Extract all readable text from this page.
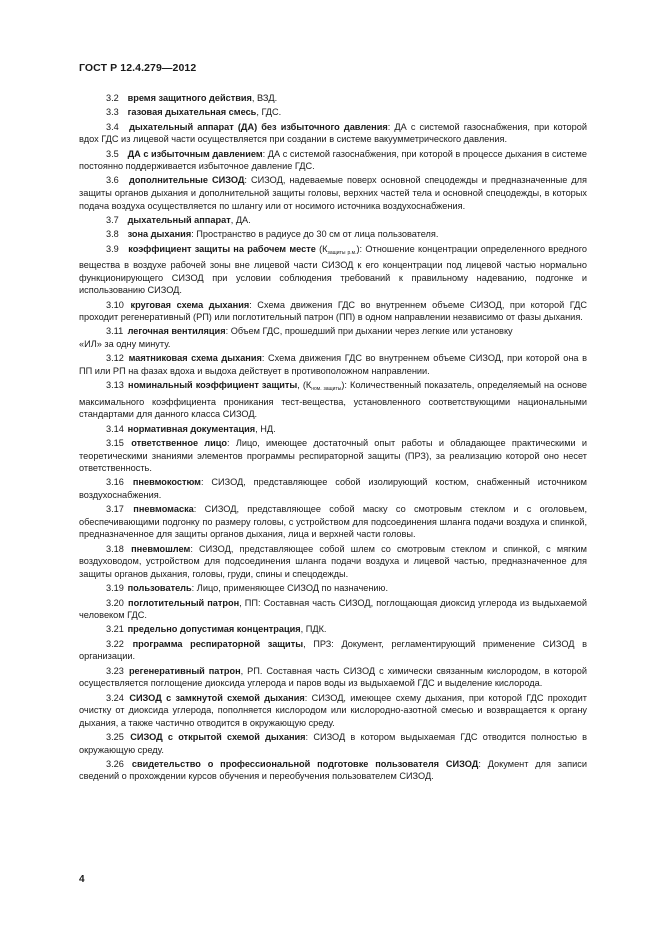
ГОСТ Р 12.4.279—2012

3.2 время защитного действия, ВЗД.

3.3 газовая дыхательная смесь, ГДС.

3.4 дыхательный аппарат (ДА) без избыточного давления: ДА с системой газоснабжения, при которой вдох ГДС из лицевой части осуществляется при создании в системе вакуумметрического давления.

3.5 ДА с избыточным давлением: ДА с системой газоснабжения, при которой в процессе дыхания в системе постоянно поддерживается избыточное давление ГДС.

3.6 дополнительные СИЗОД: СИЗОД, надеваемые поверх основной спецодежды и предназначенные для защиты органов дыхания и дополнительной защиты головы, верхних частей тела и основной спецодежды, в которых подача воздуха осуществляется по шлангу или от носимого источника воздухоснабжения.

3.7 дыхательный аппарат, ДА.

3.8 зона дыхания: Пространство в радиусе до 30 см от лица пользователя.

3.9 коэффициент защиты на рабочем месте $(К_{защиты р.м.})$: Отношение концентрации определенного вредного вещества в воздухе рабочей зоны вне лицевой части СИЗОД к его концентрации под лицевой частью нормально функционирующего СИЗОД при условии соблюдения требований к правильному надеванию, подгонке и использованию СИЗОД.

3.10 круговая схема дыхания: Схема движения ГДС во внутреннем объеме СИЗОД, при которой ГДС проходит регенеративный (РП) или поглотительный патрон (ПП) в одном направлении независимо от фазы дыхания.

3.11 легочная вентиляция: Объем ГДС, прошедший при дыхании через легкие или установку

«ИЛ» за одну минуту.

3.12 маятниковая схема дыхания: Схема движения ГДС во внутреннем объеме СИЗОД, при которой она в ПП или РП на фазах вдоха и выдоха действует в противоположном направлении.

3.13 номинальный коэффициент защиты, $(К_{ном. защиты})$: Количественный показатель, определяемый на основе максимального коэффициента проникания тест-вещества, установленного соответствующими национальными стандартами для данного класса СИЗОД.

3.14 нормативная документация, НД.

3.15 ответственное лицо: Лицо, имеющее достаточный опыт работы и обладающее практическими и теоретическими знаниями элементов программы респираторной защиты (ПРЗ), за реализацию которой оно несет ответственность.

3.16 пневмокостюм: СИЗОД, представляющее собой изолирующий костюм, снабженный источником воздухоснабжения.

3.17 пневмомаска: СИЗОД, представляющее собой маску со смотровым стеклом и с оголовьем, обеспечивающими подгонку по размеру головы, с устройством для подсоединения шланга подачи воздуха и спинкой, предназначенное для защиты органов дыхания, лица и верхней части головы.

3.18 пневмошлем: СИЗОД, представляющее собой шлем со смотровым стеклом и спинкой, с мягким воздуховодом, устройством для подсоединения шланга подачи воздуха и лицевой частью, предназначенное для защиты органов дыхания, головы, груди, спины и спецодежды.

3.19 пользователь: Лицо, применяющее СИЗОД по назначению.

3.20 поглотительный патрон, ПП: Составная часть СИЗОД, поглощающая диоксид углерода из выдыхаемой человеком ГДС.

3.21 предельно допустимая концентрация, ПДК.

3.22 программа респираторной защиты, ПРЗ: Документ, регламентирующий применение СИЗОД в организации.

3.23 регенеративный патрон, РП. Составная часть СИЗОД с химически связанным кислородом, в которой осуществляется поглощение диоксида углерода и паров воды из выдыхаемой ГДС и выделение кислорода.

3.24 СИЗОД с замкнутой схемой дыхания: СИЗОД, имеющее схему дыхания, при которой ГДС проходит очистку от диоксида углерода, пополняется кислородом или кислородно-азотной смесью и возвращается к органу дыхания, а также частично отводится в окружающую среду.

3.25 СИЗОД с открытой схемой дыхания: СИЗОД в котором выдыхаемая ГДС отводится полностью в окружающую среду.

3.26 свидетельство о профессиональной подготовке пользователя СИЗОД: Документ для записи сведений о прохождении курсов обучения и переобучения пользователем СИЗОД.

4
